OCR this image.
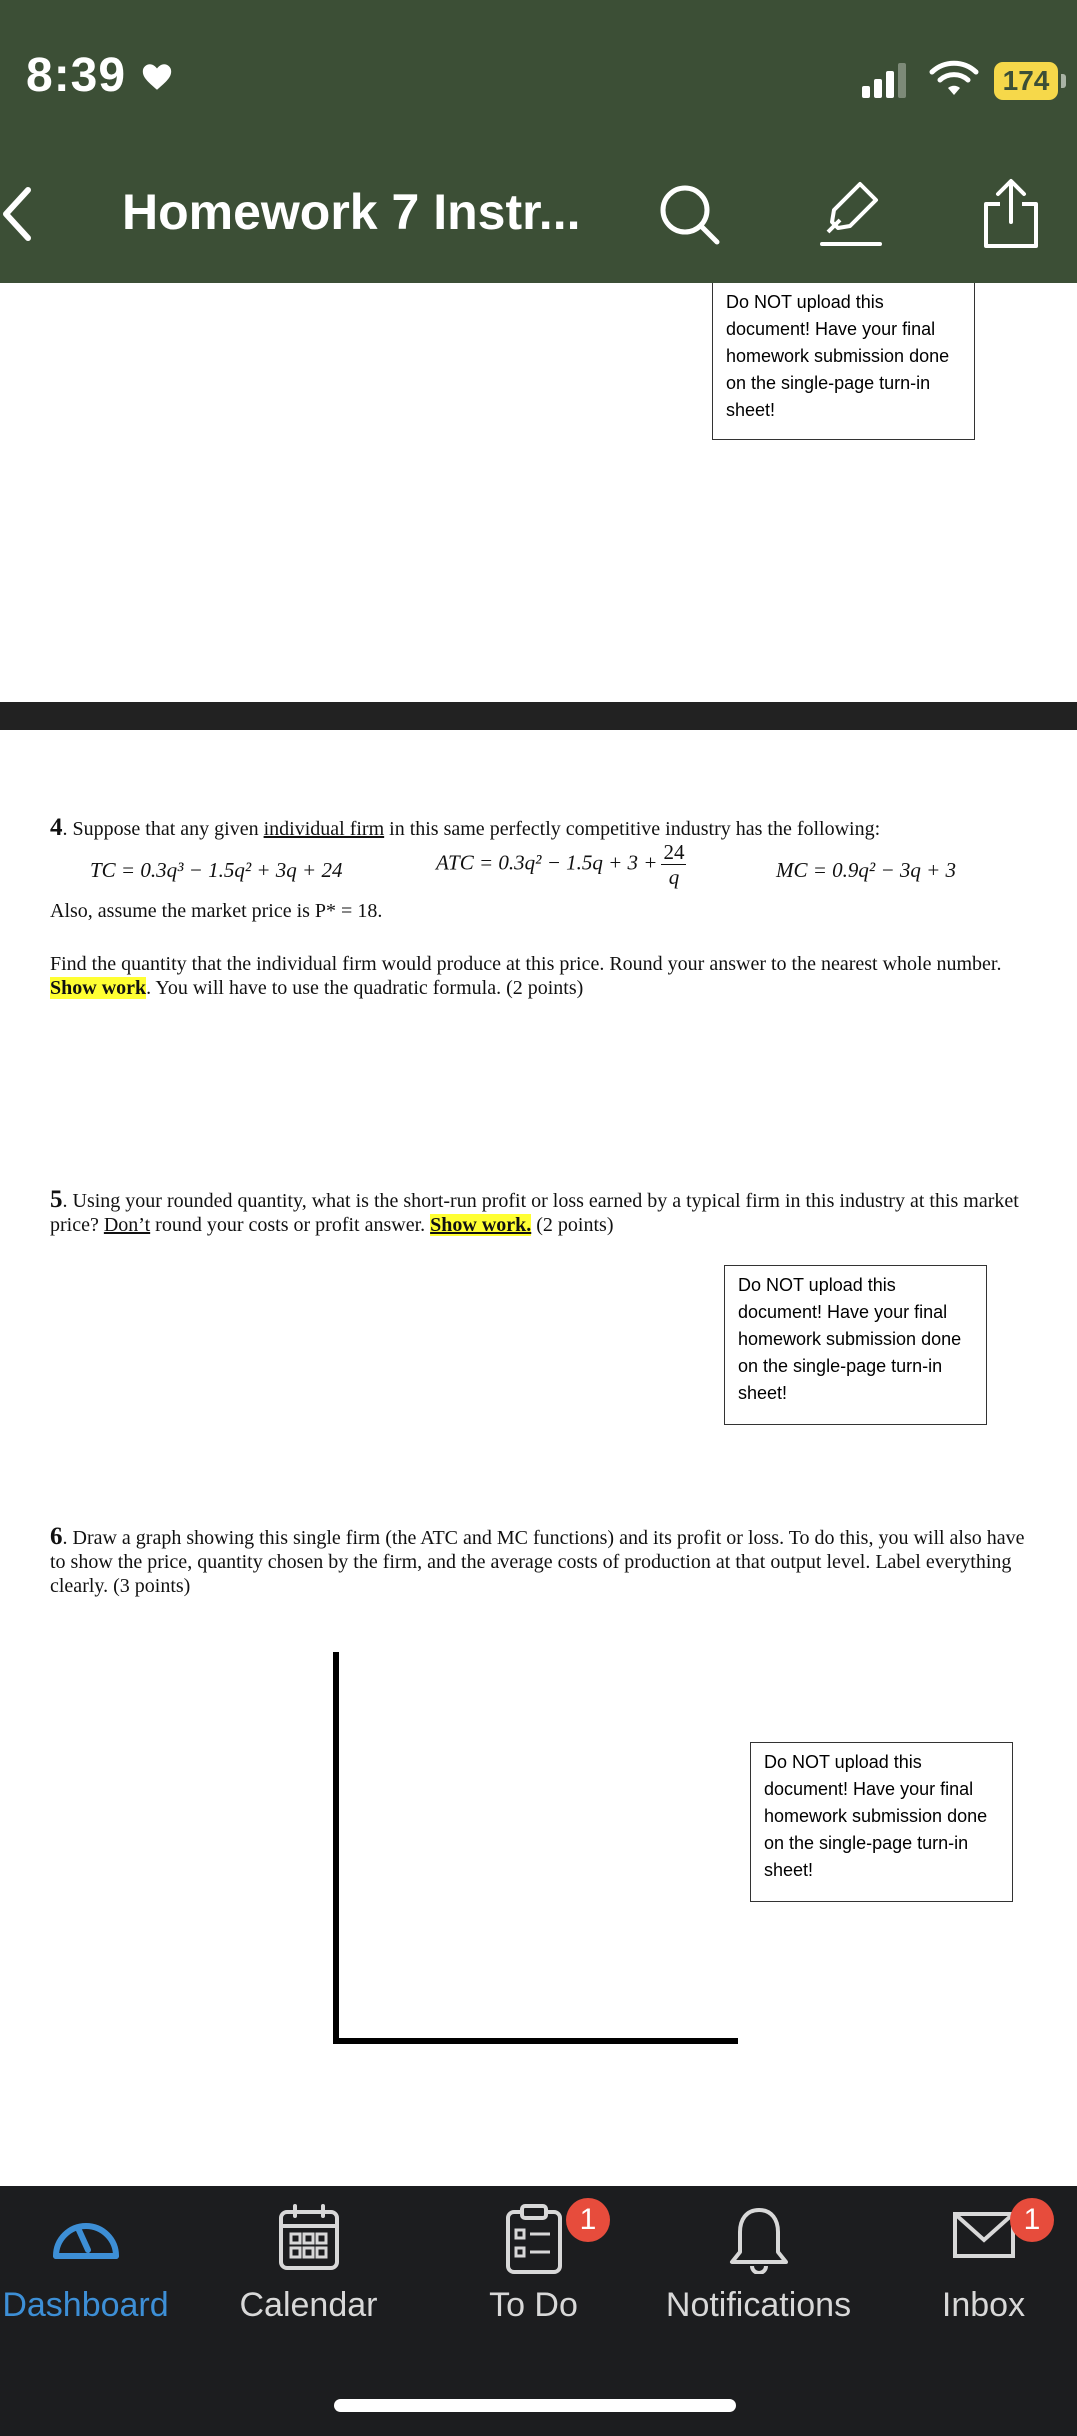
8:39	174
Homework 7 Instr...
Do NOT upload this
document! Have your final
homework submission done
on the single-page turn-in
sheet!
4. Suppose that any given individual firm in this same perfectly competitive industry has the following:
TC = 0.3q³ − 1.5q² + 3q + 24	ATC = $0.3q^2 - 1.5q + 3 + \frac{24}{q}$	MC = 0.9q² − 3q + 3
Also, assume the market price is P* = 18.
Find the quantity that the individual firm would produce at this price. Round your answer to the nearest whole number. Show work. You will have to use the quadratic formula. (2 points)
5. Using your rounded quantity, what is the short-run profit or loss earned by a typical firm in this industry at this market price? Don’t round your costs or profit answer. Show work. (2 points)
Do NOT upload this
document! Have your final
homework submission done
on the single-page turn-in
sheet!
6. Draw a graph showing this single firm (the ATC and MC functions) and its profit or loss. To do this, you will also have to show the price, quantity chosen by the firm, and the average costs of production at that output level. Label everything clearly. (3 points)
Do NOT upload this
document! Have your final
homework submission done
on the single-page turn-in
sheet!
Dashboard	Calendar	To Do
1
Notifications	Inbox
1
